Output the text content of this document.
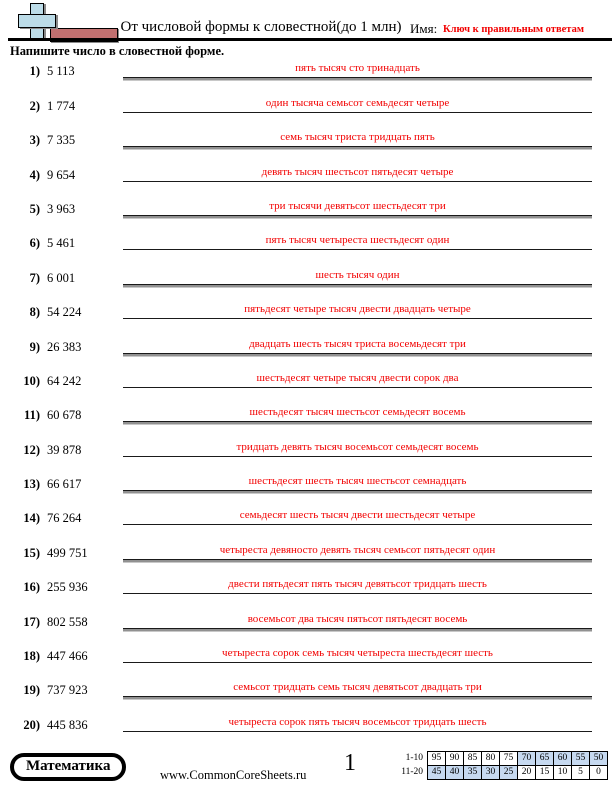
От числовой формы к словестной(до 1 млн) Имя: Ключ к правильным ответам
Напишите число в словестной форме.
1) 5 113	пять тысяч сто тринадцать
2) 1 774	один тысяча семьсот семьдесят четыре
3) 7 335	семь тысяч триста тридцать пять
4) 9 654	девять тысяч шестьсот пятьдесят четыре
5) 3 963	три тысячи девятьсот шестьдесят три
6) 5 461	пять тысяч четыреста шестьдесят один
7) 6 001	шесть тысяч один
8) 54 224	пятьдесят четыре тысяч двести двадцать четыре
9) 26 383	двадцать шесть тысяч триста восемьдесят три
10) 64 242	шестьдесят четыре тысяч двести сорок два
11) 60 678	шестьдесят тысяч шестьсот семьдесят восемь
12) 39 878	тридцать девять тысяч восемьсот семьдесят восемь
13) 66 617	шестьдесят шесть тысяч шестьсот семнадцать
14) 76 264	семьдесят шесть тысяч двести шестьдесят четыре
15) 499 751	четыреста девяносто девять тысяч семьсот пятьдесят один
16) 255 936	двести пятьдесят пять тысяч девятьсот тридцать шесть
17) 802 558	восемьсот два тысяч пятьсот пятьдесят восемь
18) 447 466	четыреста сорок семь тысяч четыреста шестьдесят шесть
19) 737 923	семьсот тридцать семь тысяч девятьсот двадцать три
20) 445 836	четыреста сорок пять тысяч восемьсот тридцать шесть
Математика
www.CommonCoreSheets.ru	1	1-10 95 90 85 80 75 70 65 60 55 50
11-20 45 40 35 30 25 20 15 10	5	0
